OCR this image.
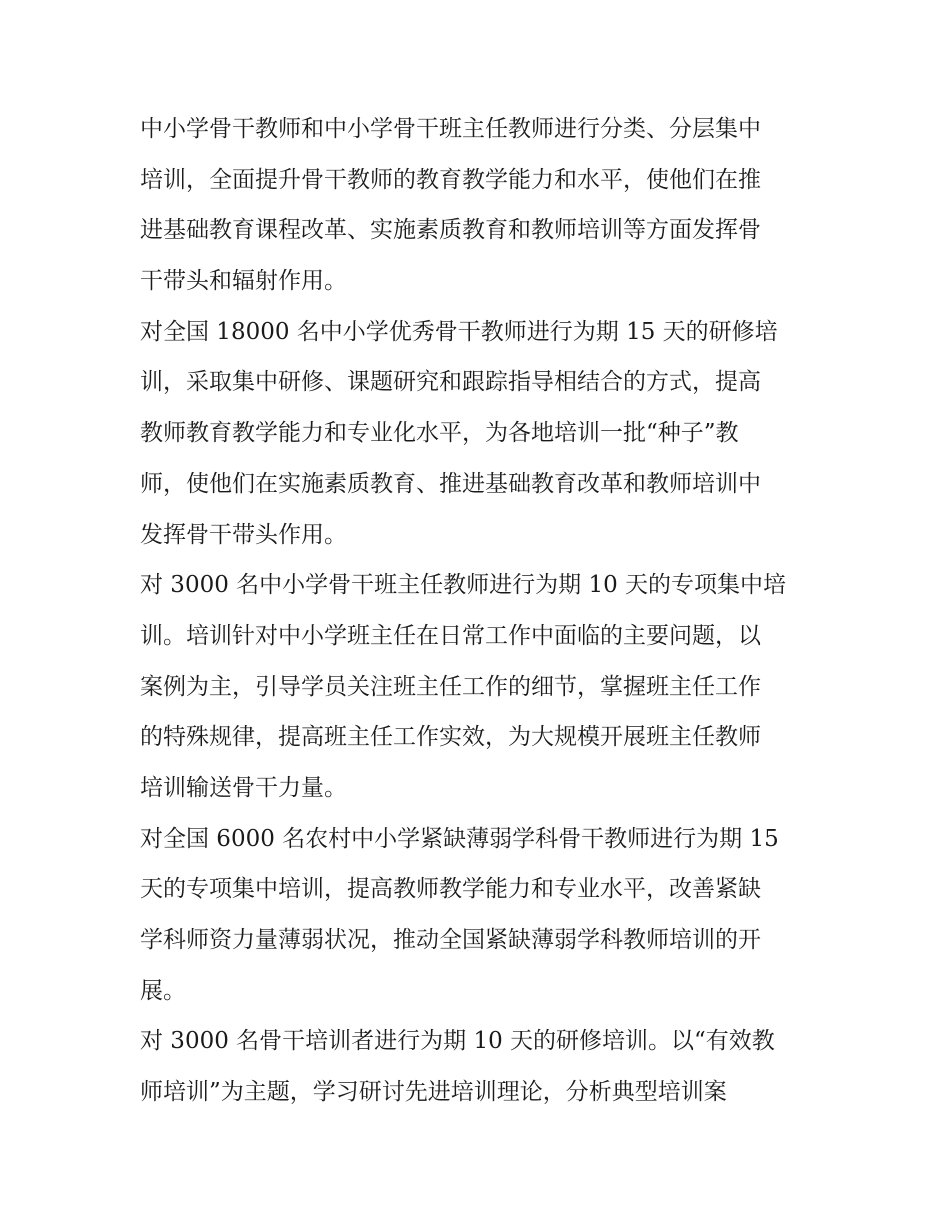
中小学骨干教师和中小学骨干班主任教师进行分类、分层集中
培训，全面提升骨干教师的教育教学能力和水平，使他们在推
进基础教育课程改革、实施素质教育和教师培训等方面发挥骨
干带头和辐射作用。
对全国 18000 名中小学优秀骨干教师进行为期 15 天的研修培
训，采取集中研修、课题研究和跟踪指导相结合的方式，提高
教师教育教学能力和专业化水平，为各地培训一批“种子”教
师，使他们在实施素质教育、推进基础教育改革和教师培训中
发挥骨干带头作用。
对 3000 名中小学骨干班主任教师进行为期 10 天的专项集中培
训。培训针对中小学班主任在日常工作中面临的主要问题，以
案例为主，引导学员关注班主任工作的细节，掌握班主任工作
的特殊规律，提高班主任工作实效，为大规模开展班主任教师
培训输送骨干力量。
对全国 6000 名农村中小学紧缺薄弱学科骨干教师进行为期 15
天的专项集中培训，提高教师教学能力和专业水平，改善紧缺
学科师资力量薄弱状况，推动全国紧缺薄弱学科教师培训的开
展。
对 3000 名骨干培训者进行为期 10 天的研修培训。以“有效教
师培训”为主题，学习研讨先进培训理论，分析典型培训案
